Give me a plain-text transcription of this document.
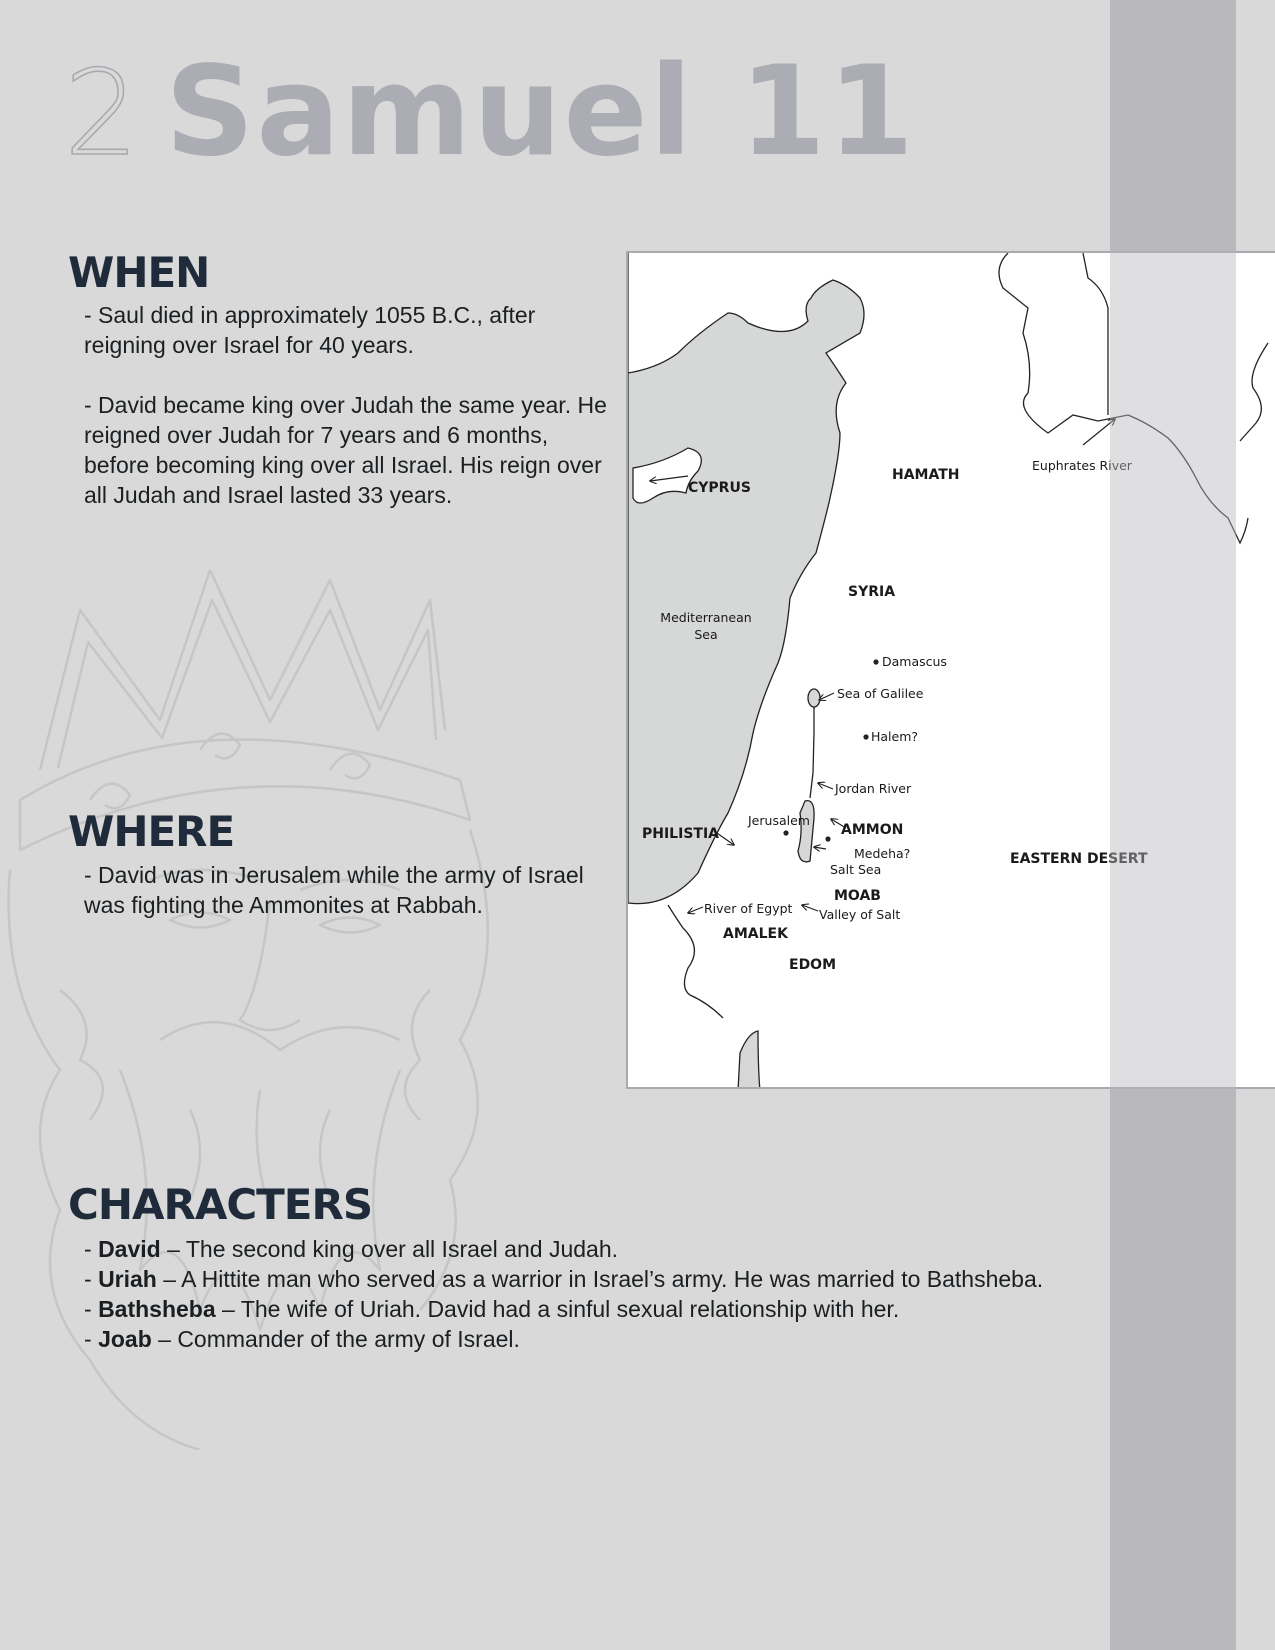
2 Samuel 11
WHEN

- Saul died in approximately 1055 B.C., after reigning over Israel for 40 years.

- David became king over Judah the same year. He reigned over Judah for 7 years and 6 months, before becoming king over all Israel. His reign over all Judah and Israel lasted 33 years.

WHERE

- David was in Jerusalem while the army of Israel was fighting the Ammonites at Rabbah.

CHARACTERS
- David – The second king over all Israel and Judah.
- Uriah – A Hittite man who served as a warrior in Israel’s army. He was married to Bathsheba.
- Bathsheba – The wife of Uriah. David had a sinful sexual relationship with her.
- Joab – Commander of the army of Israel.
CYPRUS
HAMATH
SYRIA
PHILISTIA	AMMON
MOAB
AMALEK
EDOM
EASTERN DESERT
Euphrates River
Mediterranean
Sea
Damascus
Sea of Galilee
Halem?
Jordan River
Jerusalem
Medeha?
Salt Sea
River of Egypt Valley of Salt
